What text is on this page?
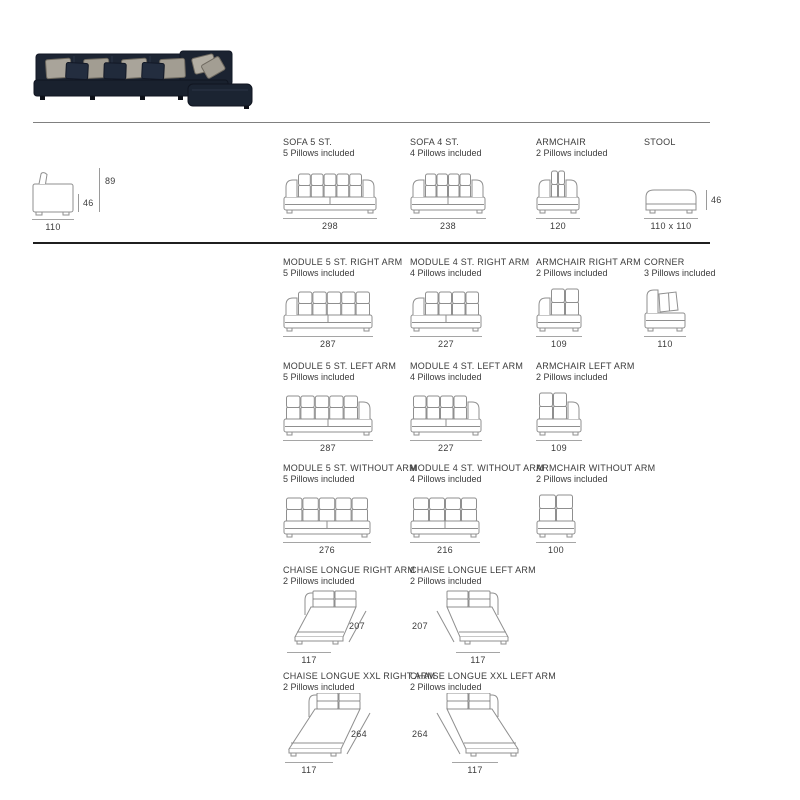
46
89
110
SOFA 5 ST.
5 Pillows included
298
SOFA 4 ST.
4 Pillows included
238
ARMCHAIR
2 Pillows included
120
STOOL
110 x 110
46
MODULE 5 ST. RIGHT ARM
5 Pillows included
287
MODULE 4 ST. RIGHT ARM
4 Pillows included
227
ARMCHAIR RIGHT ARM
2 Pillows included
109
CORNER
3 Pillows included
110
MODULE 5 ST. LEFT ARM
5 Pillows included
287
MODULE 4 ST. LEFT ARM
4 Pillows included
227
ARMCHAIR LEFT ARM
2 Pillows included
109
MODULE 5 ST. WITHOUT ARM
5 Pillows included
276
MODULE 4 ST. WITHOUT ARM
4 Pillows included
216
ARMCHAIR WITHOUT ARM
2 Pillows included
100
CHAISE LONGUE RIGHT ARM
2 Pillows included
207
117
CHAISE LONGUE LEFT ARM
2 Pillows included
207
117
CHAISE LONGUE XXL RIGHT ARM
2 Pillows included
264
117
CHAISE LONGUE XXL LEFT ARM
2 Pillows included
264
117
